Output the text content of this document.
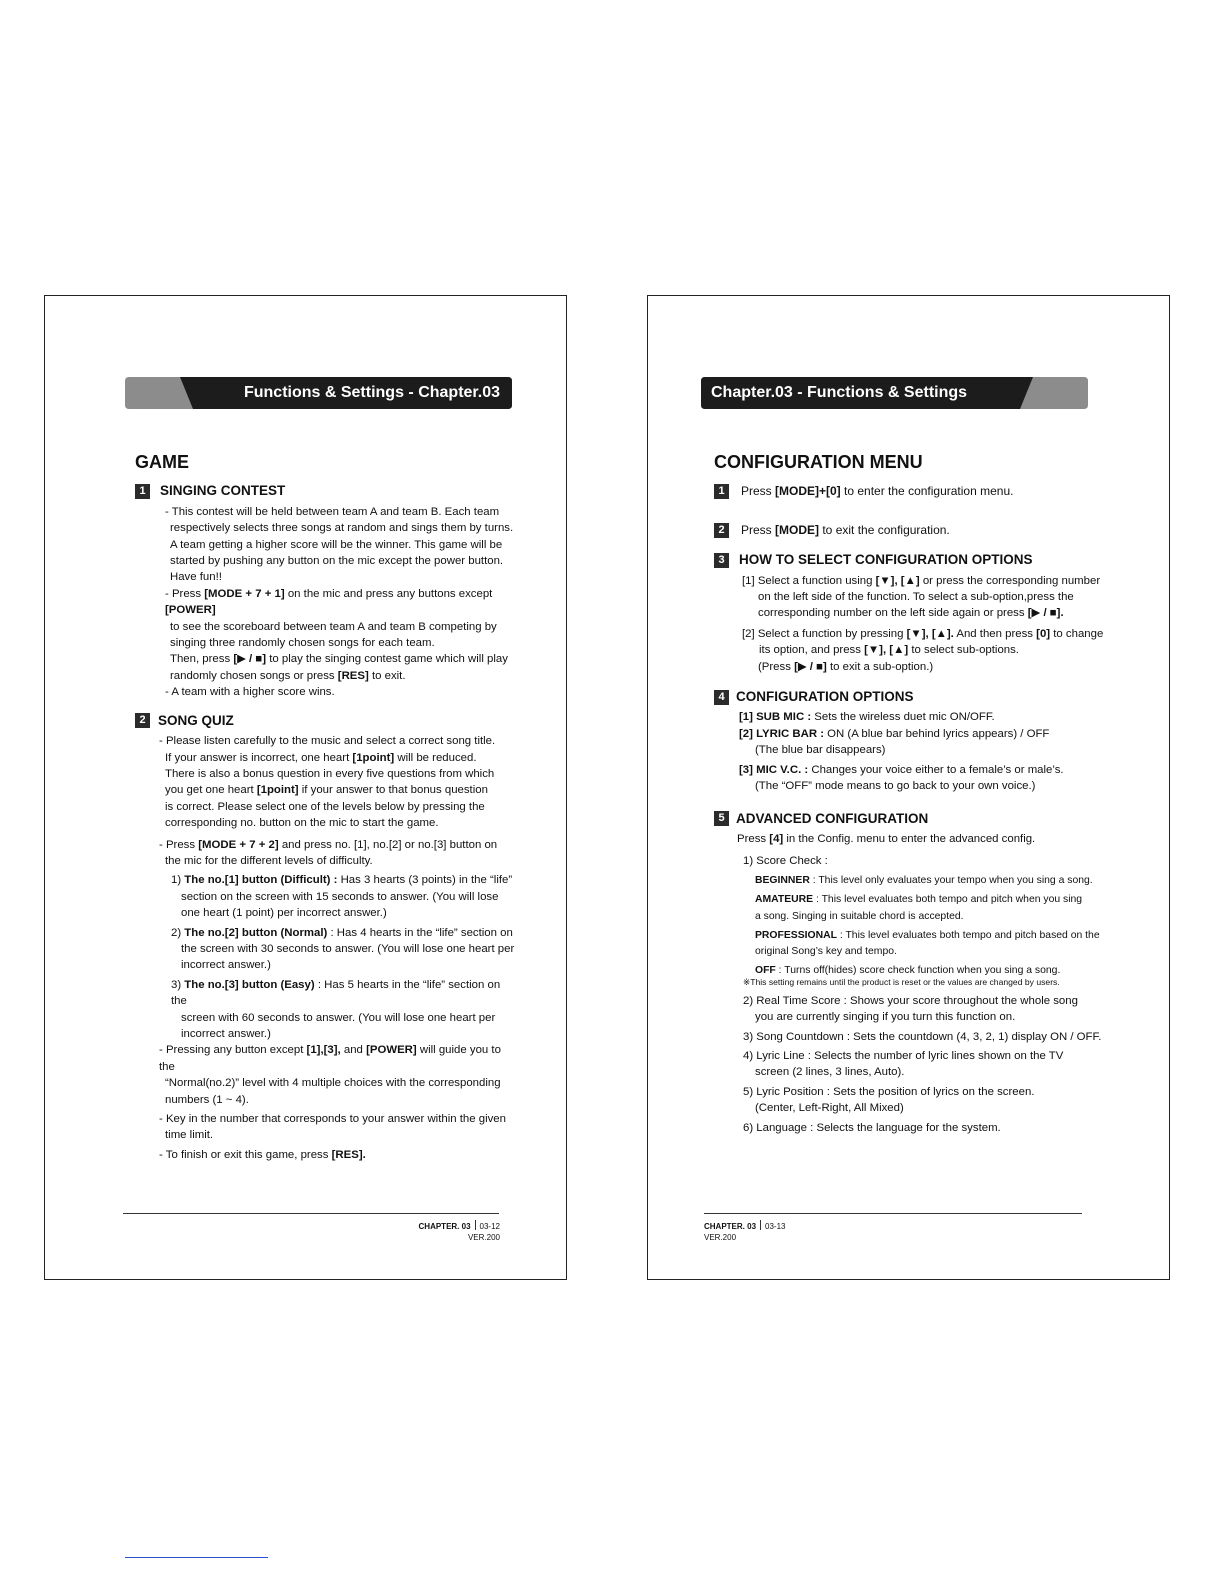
Functions & Settings - Chapter.03
GAME
1	SINGING CONTEST
- This contest will be held between team A and team B. Each team
respectively selects three songs at random and sings them by turns.
A team getting a higher score will be the winner. This game will be
started by pushing any button on the mic except the power button.
Have fun!!
- Press [MODE + 7 + 1] on the mic and press any buttons except [POWER]
to see the scoreboard between team A and team B competing by
singing three randomly chosen songs for each team.
Then, press [▶ / ■] to play the singing contest game which will play
randomly chosen songs or press [RES] to exit.
- A team with a higher score wins.
2 SONG QUIZ
- Please listen carefully to the music and select a correct song title.
If your answer is incorrect, one heart [1point] will be reduced.
There is also a bonus question in every five questions from which
you get one heart [1point] if your answer to that bonus question
is correct. Please select one of the levels below by pressing the
corresponding no. button on the mic to start the game.
- Press [MODE + 7 + 2] and press no. [1], no.[2] or no.[3] button on
the mic for the different levels of difficulty.
1) The no.[1] button (Difficult) : Has 3 hearts (3 points) in the “life”
section on the screen with 15 seconds to answer. (You will lose
one heart (1 point) per incorrect answer.)
2) The no.[2] button (Normal) : Has 4 hearts in the “life” section on
the screen with 30 seconds to answer. (You will lose one heart per
incorrect answer.)
3) The no.[3] button (Easy) : Has 5 hearts in the “life” section on the
screen with 60 seconds to answer. (You will lose one heart per
incorrect answer.)
- Pressing any button except [1],[3], and [POWER] will guide you to the
“Normal(no.2)” level with 4 multiple choices with the corresponding
numbers (1 ~ 4).
- Key in the number that corresponds to your answer within the given
time limit.
- To finish or exit this game, press [RES].
CHAPTER. 03 03-12
VER.200
Chapter.03 - Functions & Settings
CONFIGURATION MENU
1	Press [MODE]+[0] to enter the configuration menu.
2	Press [MODE] to exit the configuration.
3	HOW TO SELECT CONFIGURATION OPTIONS
[1] Select a function using [▼], [▲] or press the corresponding number
on the left side of the function. To select a sub-option,press the
corresponding number on the left side again or press [▶ / ■].
[2] Select a function by pressing [▼], [▲]. And then press [0] to change
its option, and press [▼], [▲] to select sub-options.
(Press [▶ / ■] to exit a sub-option.)
4 CONFIGURATION OPTIONS
[1] SUB MIC : Sets the wireless duet mic ON/OFF.
[2] LYRIC BAR : ON (A blue bar behind lyrics appears) / OFF
(The blue bar disappears)
[3] MIC V.C. : Changes your voice either to a female’s or male’s.
(The “OFF” mode means to go back to your own voice.)
5 ADVANCED CONFIGURATION
Press [4] in the Config. menu to enter the advanced config.
1) Score Check :
BEGINNER : This level only evaluates your tempo when you sing a song.
AMATEURE : This level evaluates both tempo and pitch when you sing
a song. Singing in suitable chord is accepted.
PROFESSIONAL : This level evaluates both tempo and pitch based on the
original Song’s key and tempo.
OFF : Turns off(hides) score check function when you sing a song.
※This setting remains until the product is reset or the values are changed by users.
2) Real Time Score : Shows your score throughout the whole song
you are currently singing if you turn this function on.
3) Song Countdown : Sets the countdown (4, 3, 2, 1) display ON / OFF.
4) Lyric Line : Selects the number of lyric lines shown on the TV
screen (2 lines, 3 lines, Auto).
5) Lyric Position : Sets the position of lyrics on the screen.
(Center, Left-Right, All Mixed)
6) Language : Selects the language for the system.
CHAPTER. 03 03-13
VER.200
